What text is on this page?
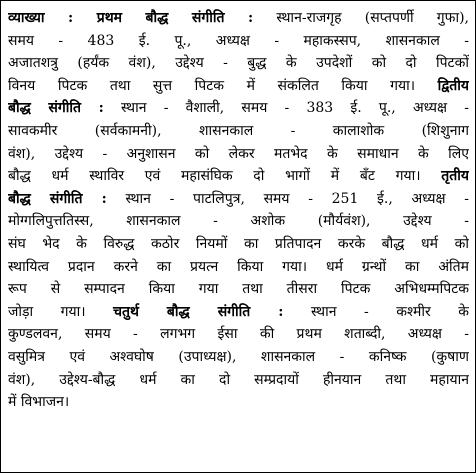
व्याख्या : प्रथम बौद्ध संगीति : स्थान-राजगृह (सप्तपर्णी गुफा),
समय - 483 ई. पू., अध्यक्ष - महाकस्सप, शासनकाल -
अजातशत्रु (हर्यंक वंश), उद्देश्य - बुद्ध के उपदेशों को दो पिटकों
विनय पिटक तथा सुत्त पिटक में संकलित किया गया। द्वितीय
बौद्ध संगीति : स्थान - वैशाली, समय - 383 ई. पू., अध्यक्ष -
सावकमीर (सर्वकामनी), शासनकाल - कालाशोक (शिशुनाग
वंश), उद्देश्य - अनुशासन को लेकर मतभेद के समाधान के लिए
बौद्ध धर्म स्थाविर एवं महासंघिक दो भागों में बँट गया। तृतीय
बौद्ध संगीति : स्थान - पाटलिपुत्र, समय - 251 ई., अध्यक्ष -
मोग्गलिपुत्ततिस्स, शासनकाल - अशोक (मौर्यवंश), उद्देश्य -
संघ भेद के विरुद्ध कठोर नियमों का प्रतिपादन करके बौद्ध धर्म को
स्थायित्व प्रदान करने का प्रयत्न किया गया। धर्म ग्रन्थों का अंतिम
रूप से सम्पादन किया गया तथा तीसरा पिटक अभिधम्मपिटक
जोड़ा गया। चतुर्थ बौद्ध संगीति : स्थान - कश्मीर के
कुण्डलवन, समय - लगभग ईसा की प्रथम शताब्दी, अध्यक्ष -
वसुमित्र एवं अश्वघोष (उपाध्यक्ष), शासनकाल - कनिष्क (कुषाण
वंश), उद्देश्य-बौद्ध धर्म का दो सम्प्रदायों हीनयान तथा महायान
में विभाजन।
